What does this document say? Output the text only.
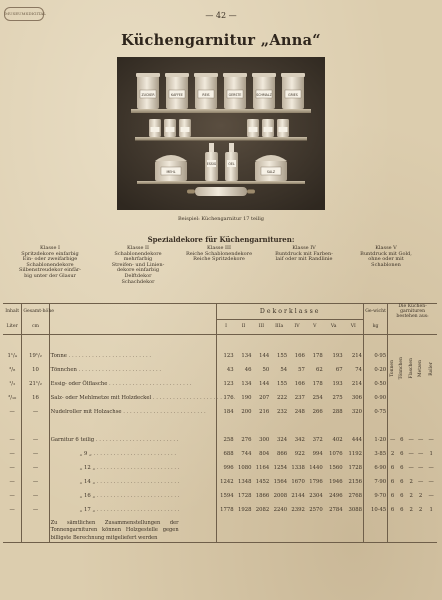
MUSEUMSDIGITAL	— 42 —
Küchengarnitur „Anna“
ZUCKER	KAFFEE	REIS	GERSTE	SCHMALZ	GRIES
ESSIG	OEL
MEHL	SALZ
Beispiel: Küchengarnitur 17 teilig
Spezialdekore für Küchengarnituren:
Klasse I
Spritzdekore einfarbig
Ein- oder zweifarbige
Schablonendekore
Silbenstreudekor einfär-
big unter der Glasur
Klasse II
Schablonendekore
mehrfarbig
Streifen- und Linien-
dekore einfarbig
Delftdekor
Schachdekor
Klasse III
Reiche Schablonendekore
Reiche Spritzdekore
Klasse IV
Buntdruck mit Farben-
laif oder mit Randlinie
Klasse V
Buntdruck mit Gold,
ohne oder mit
Schablonen
Inhalt	Gesamt-höhe		Dekorklasse								Ge-wicht	Die Küchen-garnituren bestehen aus:				
Liter	cm		I	II	III	IIIa	IV	V	Va	VI	kg					
												Tonnen	Tönnchen	Flaschen	Metzen	Roller
1¹/₄	19¹/₂	Tonne . . .	123	134	144	155	166	178	193	214	0·95					
³/₈	10	Tönnchen . . .	43	46	50	54	57	62	67	74	0·20					
¹/₂	21¹/₂	Essig- oder Ölflasche . . .	123	134	144	155	166	178	193	214	0·50					
³/₁₀	16	Salz- oder Mehlmetze mit Holzdeckel . . .	176	190	207	222	237	254	275	306	0·90					
—	—	Nudelroller mit Holzachse . . .	184	200	216	232	248	266	288	320	0·75					

—	—	Garnitur 6 teilig . . .	258	276	300	324	342	372	402	444	1·20	—	6	—	—	—
—	—	„ 9 „ . . .	688	744	804	866	922	994	1076	1192	3·85	2	6	—	—	1
—	—	„ 12 „ . . .	996	1080	1164	1254	1338	1440	1560	1728	6·90	6	6	—	—	—
—	—	„ 14 „ . . .	1242	1348	1452	1564	1670	1796	1946	2156	7·90	6	6	2	—	—
—	—	„ 16 „ . . .	1594	1728	1866	2008	2144	2304	2496	2768	9·70	6	6	2	2	—
—	—	„ 17 „ . . .	1778	1928	2082	2240	2392	2570	2784	3088	10·45	6	6	2	2	1

		Zu sämtlichen Zusammenstellungen der Tonnengarnituren können Holzgestelle gegen billigste Berechnung mitgeliefert werden														
